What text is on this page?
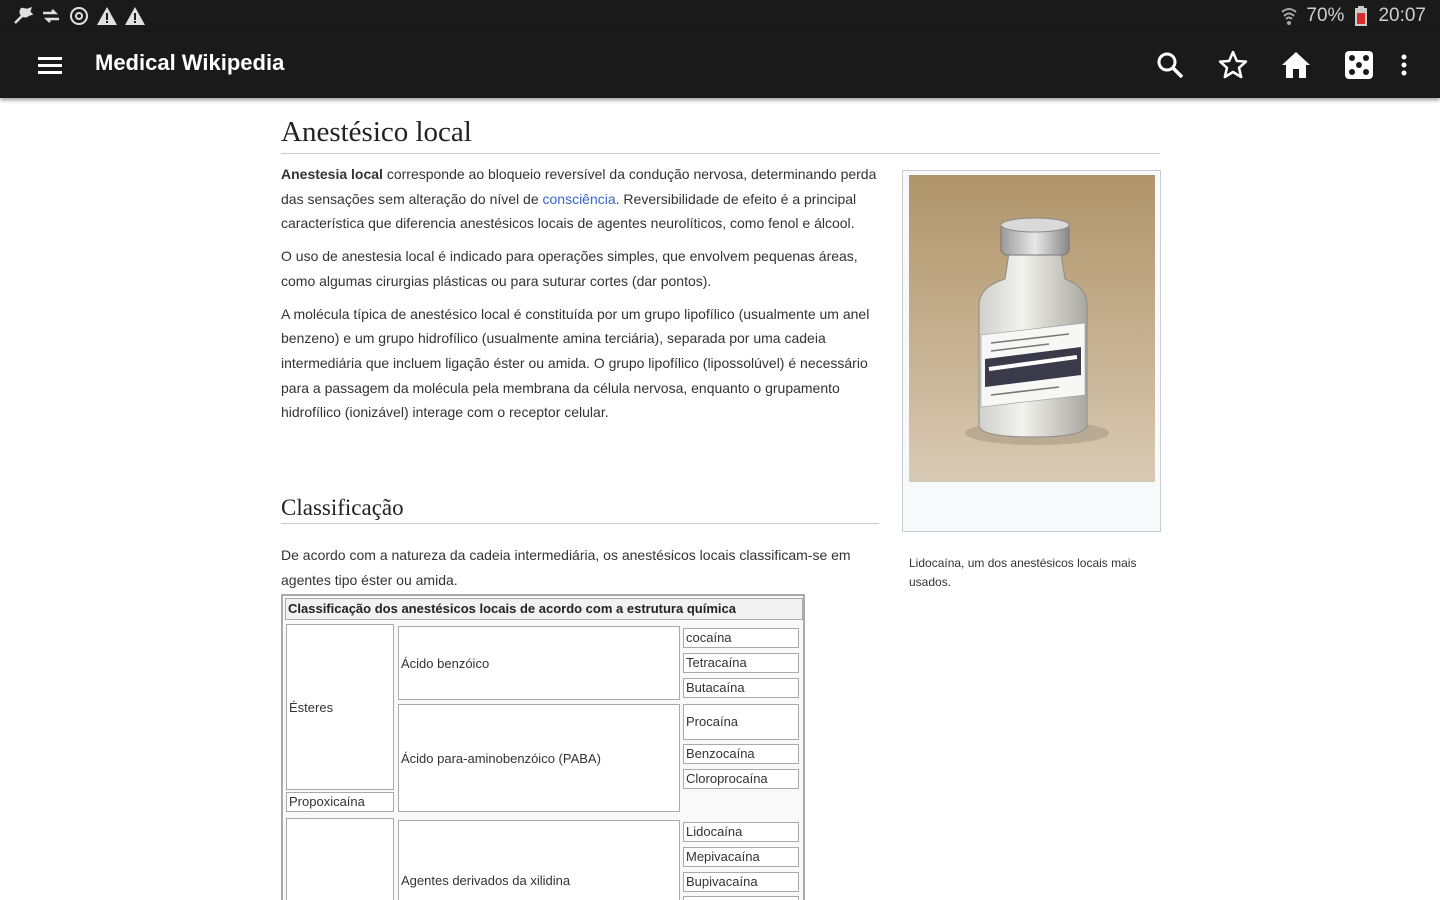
70% 20:07
Medical Wikipedia
Anestésico local

Anestesia local corresponde ao bloqueio reversível da condução nervosa, determinando perda das sensações sem alteração do nível de consciência. Reversibilidade de efeito é a principal característica que diferencia anestésicos locais de agentes neurolíticos, como fenol e álcool.

O uso de anestesia local é indicado para operações simples, que envolvem pequenas áreas, como algumas cirurgias plásticas ou para suturar cortes (dar pontos).

A molécula típica de anestésico local é constituída por um grupo lipofílico (usualmente um anel benzeno) e um grupo hidrofílico (usualmente amina terciária), separada por uma cadeia intermediária que incluem ligação éster ou amida. O grupo lipofílico (lipossolúvel) é necessário para a passagem da molécula pela membrana da célula nervosa, enquanto o grupamento hidrofílico (ionizável) interage com o receptor celular.

Lidocaína, um dos anestésicos locais mais usados.
Classificação
De acordo com a natureza da cadeia intermediária, os anestésicos locais classificam-se em agentes tipo éster ou amida.
Classificação dos anestésicos locais de acordo com a estrutura química
Ésteres
Propoxicaína
Ácido benzóico
Ácido para-aminobenzóico (PABA)
Agentes derivados da xilidina
cocaína
Tetracaína
Butacaína
Procaína
Benzocaína
Cloroprocaína
Lidocaína
Mepivacaína
Bupivacaína
